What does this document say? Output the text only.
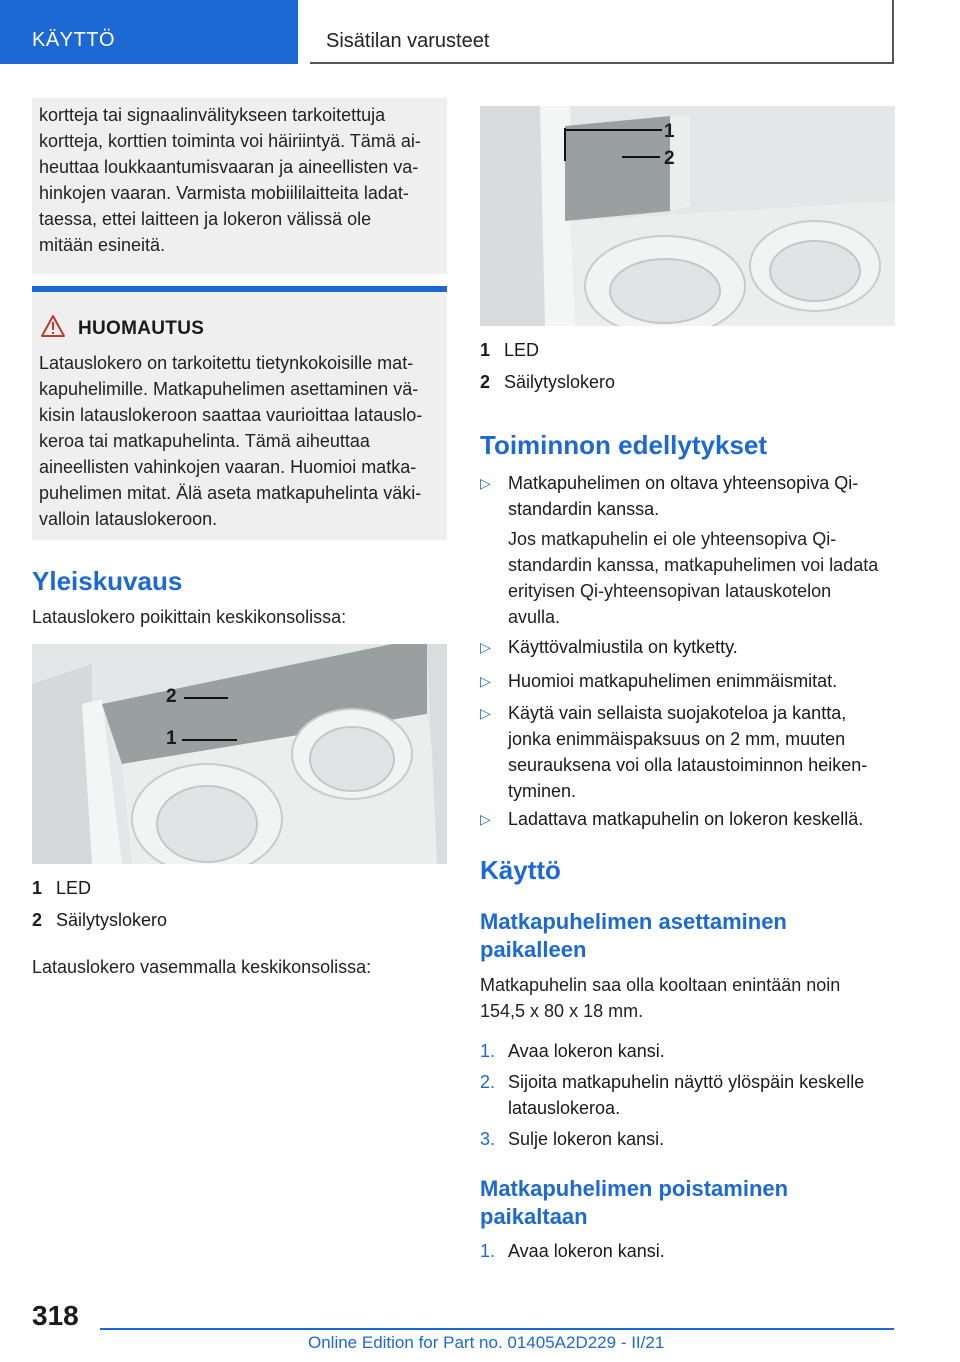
KÄYTTÖ	Sisätilan varusteet
kortteja tai signaalinvälitykseen tarkoitettuja
kortteja, korttien toiminta voi häiriintyä. Tämä ai-
heuttaa loukkaantumisvaaran ja aineellisten va-
hinkojen vaaran. Varmista mobiililaitteita ladat-
taessa, ettei laitteen ja lokeron välissä ole
mitään esineitä.
HUOMAUTUS
Latauslokero on tarkoitettu tietynkokoisille mat-
kapuhelimille. Matkapuhelimen asettaminen vä-
kisin latauslokeroon saattaa vaurioittaa latauslo-
keroa tai matkapuhelinta. Tämä aiheuttaa
aineellisten vahinkojen vaaran. Huomioi matka-
puhelimen mitat. Älä aseta matkapuhelinta väki-
valloin latauslokeroon.
Yleiskuvaus
Latauslokero poikittain keskikonsolissa:
2
1
1 LED
2 Säilytyslokero
Latauslokero vasemmalla keskikonsolissa:
1
2
1 LED
2 Säilytyslokero
Toiminnon edellytykset
▷ Matkapuhelimen on oltava yhteensopiva Qi-
standardin kanssa.
Jos matkapuhelin ei ole yhteensopiva Qi-
standardin kanssa, matkapuhelimen voi ladata
erityisen Qi-yhteensopivan latauskotelon
avulla.
▷ Käyttövalmiustila on kytketty.
▷ Huomioi matkapuhelimen enimmäismitat.
▷ Käytä vain sellaista suojakoteloa ja kantta,
jonka enimmäispaksuus on 2 mm, muuten
seurauksena voi olla lataustoiminnon heiken-
tyminen.
▷ Ladattava matkapuhelin on lokeron keskellä.
Käyttö
Matkapuhelimen asettaminen
paikalleen
Matkapuhelin saa olla kooltaan enintään noin
154,5 x 80 x 18 mm.
1. Avaa lokeron kansi.
2. Sijoita matkapuhelin näyttö ylöspäin keskelle
latauslokeroa.
3. Sulje lokeron kansi.
Matkapuhelimen poistaminen
paikaltaan
1. Avaa lokeron kansi.
318
Online Edition for Part no. 01405A2D229 - II/21
